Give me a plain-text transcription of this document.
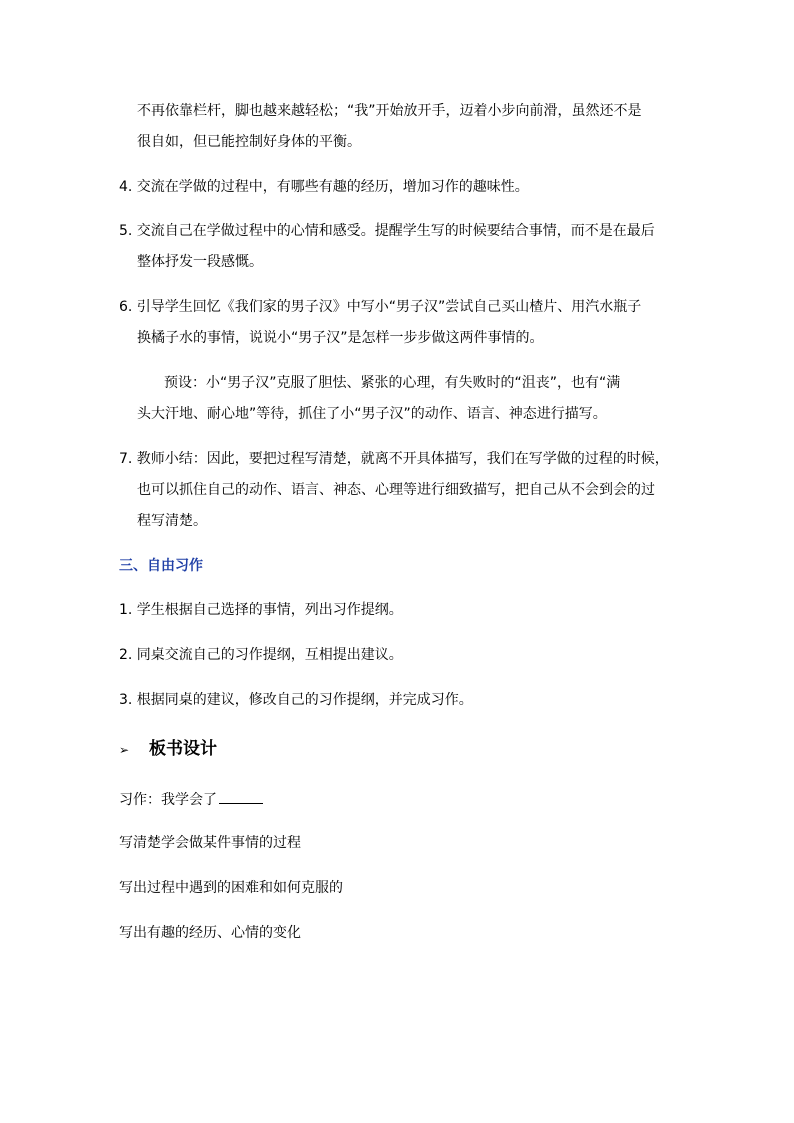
不再依靠栏杆，脚也越来越轻松；“我”开始放开手，迈着小步向前滑，虽然还不是
很自如，但已能控制好身体的平衡。
4. 交流在学做的过程中，有哪些有趣的经历，增加习作的趣味性。
5. 交流自己在学做过程中的心情和感受。提醒学生写的时候要结合事情，而不是在最后
整体抒发一段感慨。
6. 引导学生回忆《我们家的男子汉》中写小“男子汉”尝试自己买山楂片、用汽水瓶子
换橘子水的事情，说说小“男子汉”是怎样一步步做这两件事情的。
预设：小“男子汉”克服了胆怯、紧张的心理，有失败时的“沮丧”，也有“满
头大汗地、耐心地”等待，抓住了小“男子汉”的动作、语言、神态进行描写。
7. 教师小结：因此，要把过程写清楚，就离不开具体描写，我们在写学做的过程的时候，
也可以抓住自己的动作、语言、神态、心理等进行细致描写，把自己从不会到会的过
程写清楚。
三、自由习作
1. 学生根据自己选择的事情，列出习作提纲。
2. 同桌交流自己的习作提纲，互相提出建议。
3. 根据同桌的建议，修改自己的习作提纲，并完成习作。
➢ 板书设计
习作：我学会了
写清楚学会做某件事情的过程
写出过程中遇到的困难和如何克服的
写出有趣的经历、心情的变化
